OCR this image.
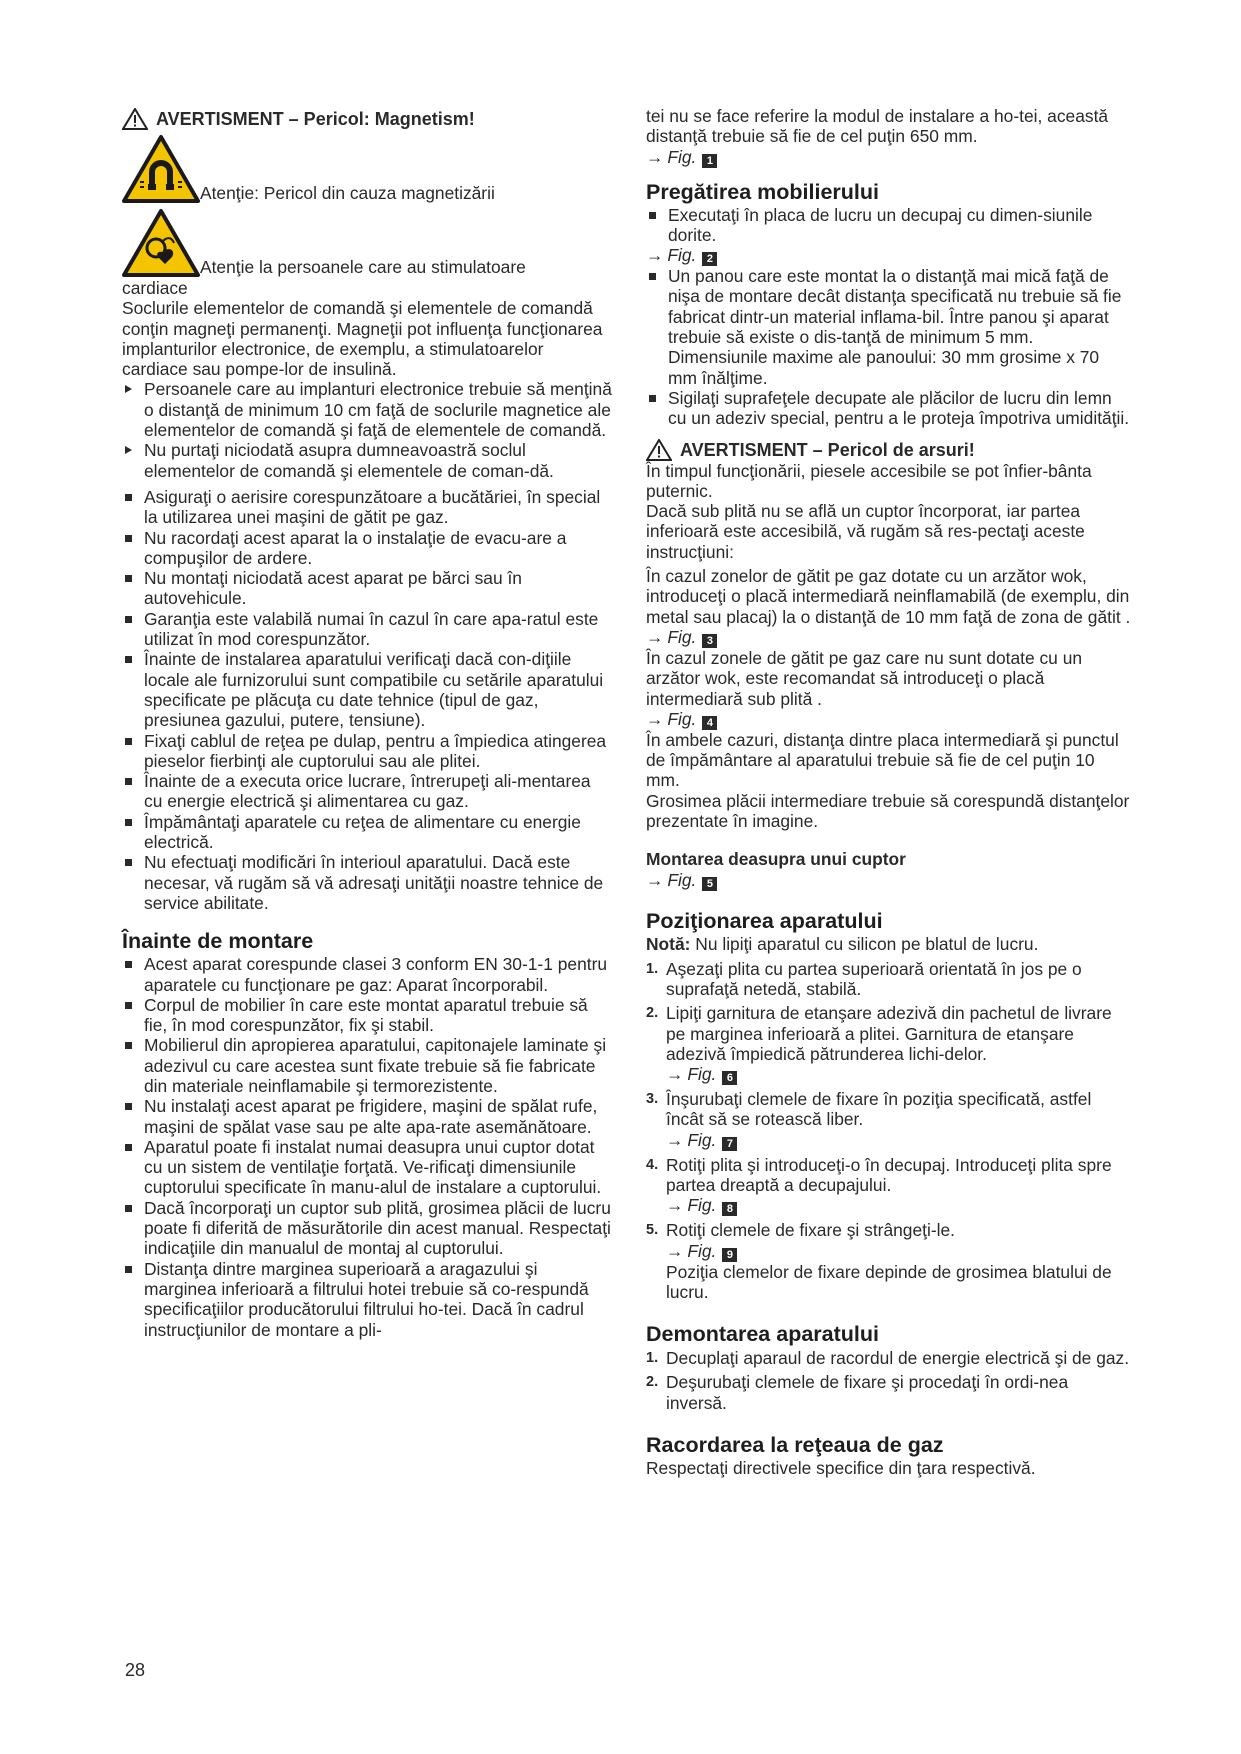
AVERTISMENT – Pericol: Magnetism!
Atenţie: Pericol din cauza magnetizării
Atenţie la persoanele care au stimulatoare

cardiace

Soclurile elementelor de comandă şi elementele de comandă conţin magneţi permanenţi. Magneţii pot influenţa funcţionarea implanturilor electronice, de exemplu, a stimulatoarelor cardiace sau pompe-lor de insulină.

Persoanele care au implanturi electronice trebuie să menţină o distanţă de minimum 10 cm faţă de soclurile magnetice ale elementelor de comandă şi faţă de elementele de comandă.
Nu purtaţi niciodată asupra dumneavoastră soclul elementelor de comandă şi elementele de coman-dă.
Asiguraţi o aerisire corespunzătoare a bucătăriei, în special la utilizarea unei maşini de gătit pe gaz.
Nu racordaţi acest aparat la o instalaţie de evacu-are a compuşilor de ardere.
Nu montaţi niciodată acest aparat pe bărci sau în autovehicule.
Garanţia este valabilă numai în cazul în care apa-ratul este utilizat în mod corespunzător.
Înainte de instalarea aparatului verificaţi dacă con-diţiile locale ale furnizorului sunt compatibile cu setările aparatului specificate pe plăcuţa cu date tehnice (tipul de gaz, presiunea gazului, putere, tensiune).
Fixaţi cablul de reţea pe dulap, pentru a împiedica atingerea pieselor fierbinţi ale cuptorului sau ale plitei.
Înainte de a executa orice lucrare, întrerupeţi ali-mentarea cu energie electrică şi alimentarea cu gaz.
Împământaţi aparatele cu reţea de alimentare cu energie electrică.
Nu efectuaţi modificări în interioul aparatului. Dacă este necesar, vă rugăm să vă adresaţi unităţii noastre tehnice de service abilitate.
Înainte de montare
Acest aparat corespunde clasei 3 conform EN 30-1-1 pentru aparatele cu funcţionare pe gaz: Aparat încorporabil.
Corpul de mobilier în care este montat aparatul trebuie să fie, în mod corespunzător, fix şi stabil.
Mobilierul din apropierea aparatului, capitonajele laminate şi adezivul cu care acestea sunt fixate trebuie să fie fabricate din materiale neinflamabile şi termorezistente.
Nu instalaţi acest aparat pe frigidere, maşini de spălat rufe, maşini de spălat vase sau pe alte apa-rate asemănătoare.
Aparatul poate fi instalat numai deasupra unui cuptor dotat cu un sistem de ventilaţie forţată. Ve-rificaţi dimensiunile cuptorului specificate în manu-alul de instalare a cuptorului.
Dacă încorporaţi un cuptor sub plită, grosimea plăcii de lucru poate fi diferită de măsurătorile din acest manual. Respectaţi indicaţiile din manualul de montaj al cuptorului.
Distanţa dintre marginea superioară a aragazului şi marginea inferioară a filtrului hotei trebuie să co-respundă specificaţiilor producătorului filtrului ho-tei. Dacă în cadrul instrucţiunilor de montare a pli-

tei nu se face referire la modul de instalare a ho-tei, această distanţă trebuie să fie de cel puţin 650 mm.

→ Fig. 1

Pregătirea mobilierului
Executaţi în placa de lucru un decupaj cu dimen-siunile dorite.

→ Fig. 2

Un panou care este montat la o distanţă mai mică faţă de nişa de montare decât distanţa specificată nu trebuie să fie fabricat dintr-un material inflama-bil. Între panou şi aparat trebuie să existe o dis-tanţă de minimum 5 mm. Dimensiunile maxime ale panoului: 30 mm grosime x 70 mm înălţime.
Sigilaţi suprafeţele decupate ale plăcilor de lucru din lemn cu un adeziv special, pentru a le proteja împotriva umidităţii.
AVERTISMENT – Pericol de arsuri!

În timpul funcţionării, piesele accesibile se pot înfier-bânta puternic.

Dacă sub plită nu se află un cuptor încorporat, iar partea inferioară este accesibilă, vă rugăm să res-pectaţi aceste instrucţiuni:

În cazul zonelor de gătit pe gaz dotate cu un arzător wok, introduceţi o placă intermediară neinflamabilă (de exemplu, din metal sau placaj) la o distanţă de 10 mm faţă de zona de gătit .

→ Fig. 3

În cazul zonele de gătit pe gaz care nu sunt dotate cu un arzător wok, este recomandat să introduceţi o placă intermediară sub plită .

→ Fig. 4

În ambele cazuri, distanţa dintre placa intermediară şi punctul de împământare al aparatului trebuie să fie de cel puţin 10 mm.

Grosimea plăcii intermediare trebuie să corespundă distanţelor prezentate în imagine.

Montarea deasupra unui cuptor

→ Fig. 5

Poziţionarea aparatului

Notă: Nu lipiţi aparatul cu silicon pe blatul de lucru.

1. Aşezaţi plita cu partea superioară orientată în jos pe o suprafaţă netedă, stabilă.
2. Lipiţi garnitura de etanşare adezivă din pachetul de livrare pe marginea inferioară a plitei. Garnitura de etanşare adezivă împiedică pătrunderea lichi-delor.

→ Fig. 6

3. Înşurubaţi clemele de fixare în poziţia specificată, astfel încât să se rotească liber.

→ Fig. 7

4. Rotiţi plita şi introduceţi-o în decupaj. Introduceţi plita spre partea dreaptă a decupajului.

→ Fig. 8

5. Rotiţi clemele de fixare şi strângeţi-le.

→ Fig. 9

Poziţia clemelor de fixare depinde de grosimea blatului de lucru.

Demontarea aparatului
1. Decuplaţi aparaul de racordul de energie electrică şi de gaz.
2. Deşurubaţi clemele de fixare şi procedaţi în ordi-nea inversă.
Racordarea la reţeaua de gaz

Respectaţi directivele specifice din ţara respectivă.

28
